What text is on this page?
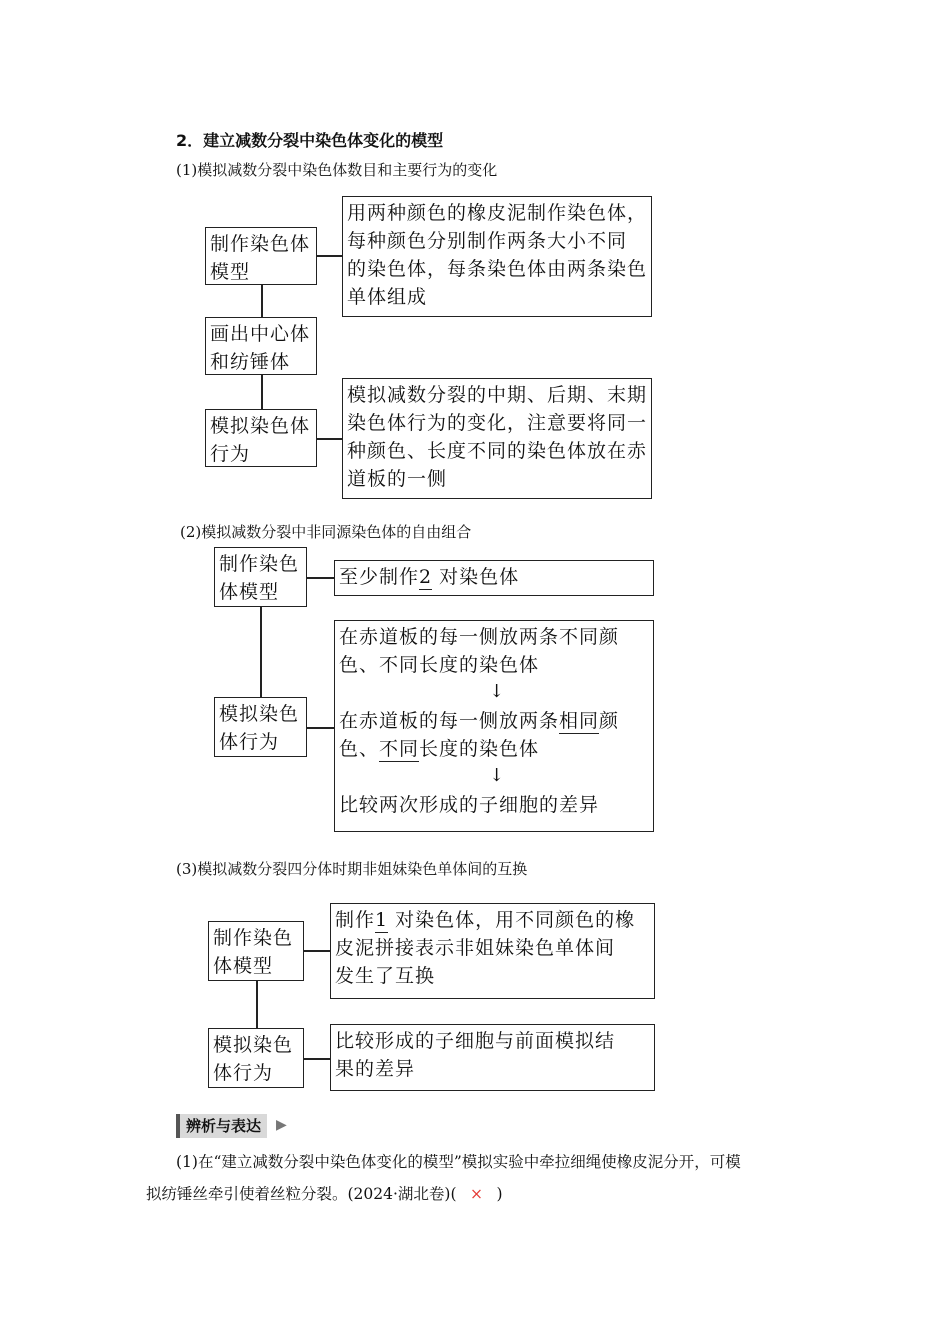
2．建立减数分裂中染色体变化的模型
(1)模拟减数分裂中染色体数目和主要行为的变化
制作染色体
模型
用两种颜色的橡皮泥制作染色体，
每种颜色分别制作两条大小不同
的染色体，每条染色体由两条染色
单体组成
画出中心体
和纺锤体
模拟染色体
行为
模拟减数分裂的中期、后期、末期
染色体行为的变化，注意要将同一
种颜色、长度不同的染色体放在赤
道板的一侧
(2)模拟减数分裂中非同源染色体的自由组合
制作染色
体模型
至少制作2 对染色体
模拟染色
体行为
在赤道板的每一侧放两条不同颜
色、不同长度的染色体
↓
在赤道板的每一侧放两条相同颜
色、不同长度的染色体
↓
比较两次形成的子细胞的差异
(3)模拟减数分裂四分体时期非姐妹染色单体间的互换
制作染色
体模型
制作1 对染色体，用不同颜色的橡
皮泥拼接表示非姐妹染色单体间
发生了互换
模拟染色
体行为
比较形成的子细胞与前面模拟结
果的差异
辨析与表达	▶
(1)在“建立减数分裂中染色体变化的模型”模拟实验中牵拉细绳使橡皮泥分开，可模
拟纺锤丝牵引使着丝粒分裂。(2024·湖北卷)( × )
